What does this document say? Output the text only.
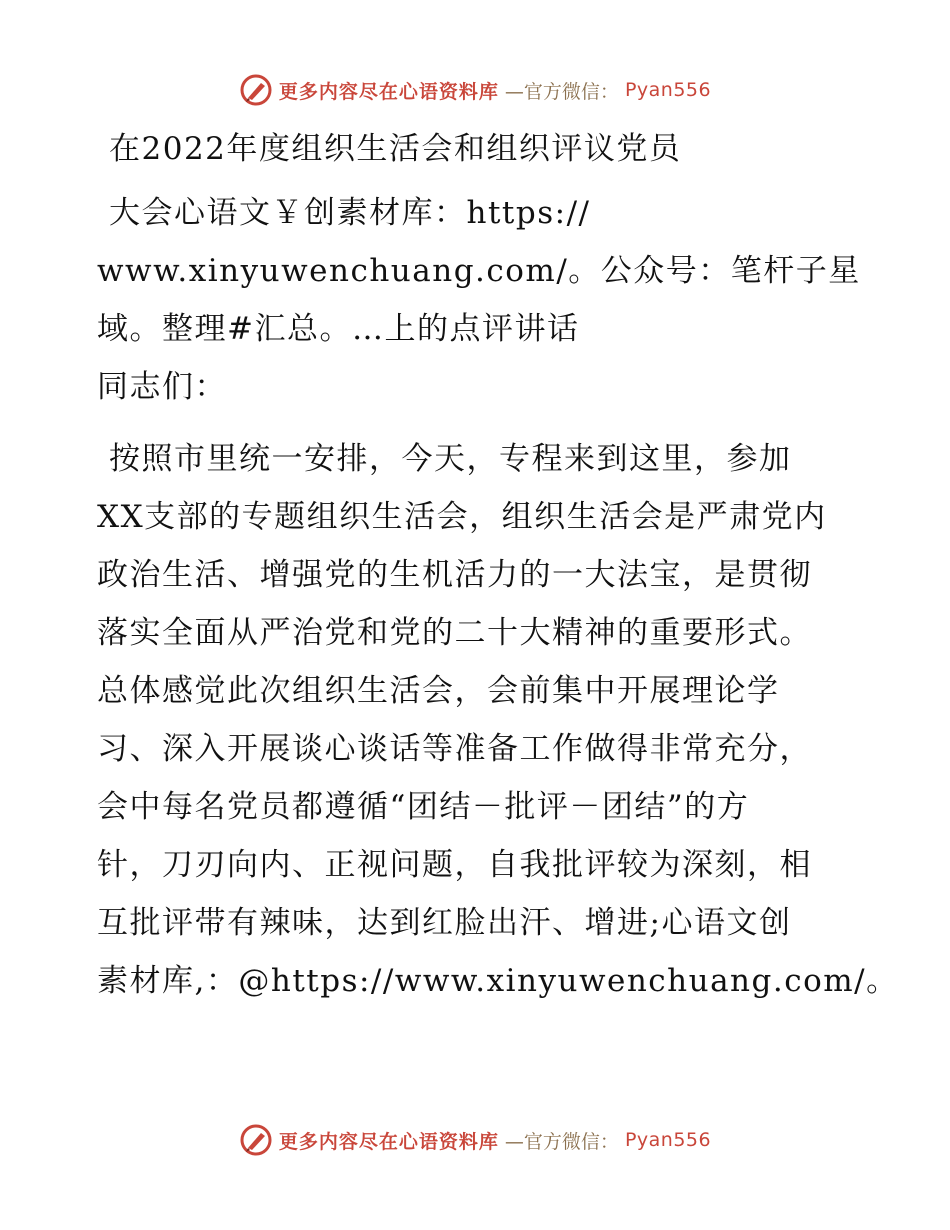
更多内容尽在心语资料库 —官方微信： Pyan556
在2022年度组织生活会和组织评议党员
大会心语文￥创素材库：https://
www.xinyuwenchuang.com/。公众号：笔杆子星
域。整理#汇总。…上的点评讲话

同志们：

按照市里统一安排，今天，专程来到这里，参加
XX支部的专题组织生活会，组织生活会是严肃党内
政治生活、增强党的生机活力的一大法宝，是贯彻
落实全面从严治党和党的二十大精神的重要形式。
总体感觉此次组织生活会，会前集中开展理论学
习、深入开展谈心谈话等准备工作做得非常充分，
会中每名党员都遵循“团结－批评－团结”的方
针，刀刃向内、正视问题，自我批评较为深刻，相
互批评带有辣味，达到红脸出汗、增进;心语文创
素材库,：@https://www.xinyuwenchuang.com/。
更多内容尽在心语资料库 —官方微信： Pyan556
